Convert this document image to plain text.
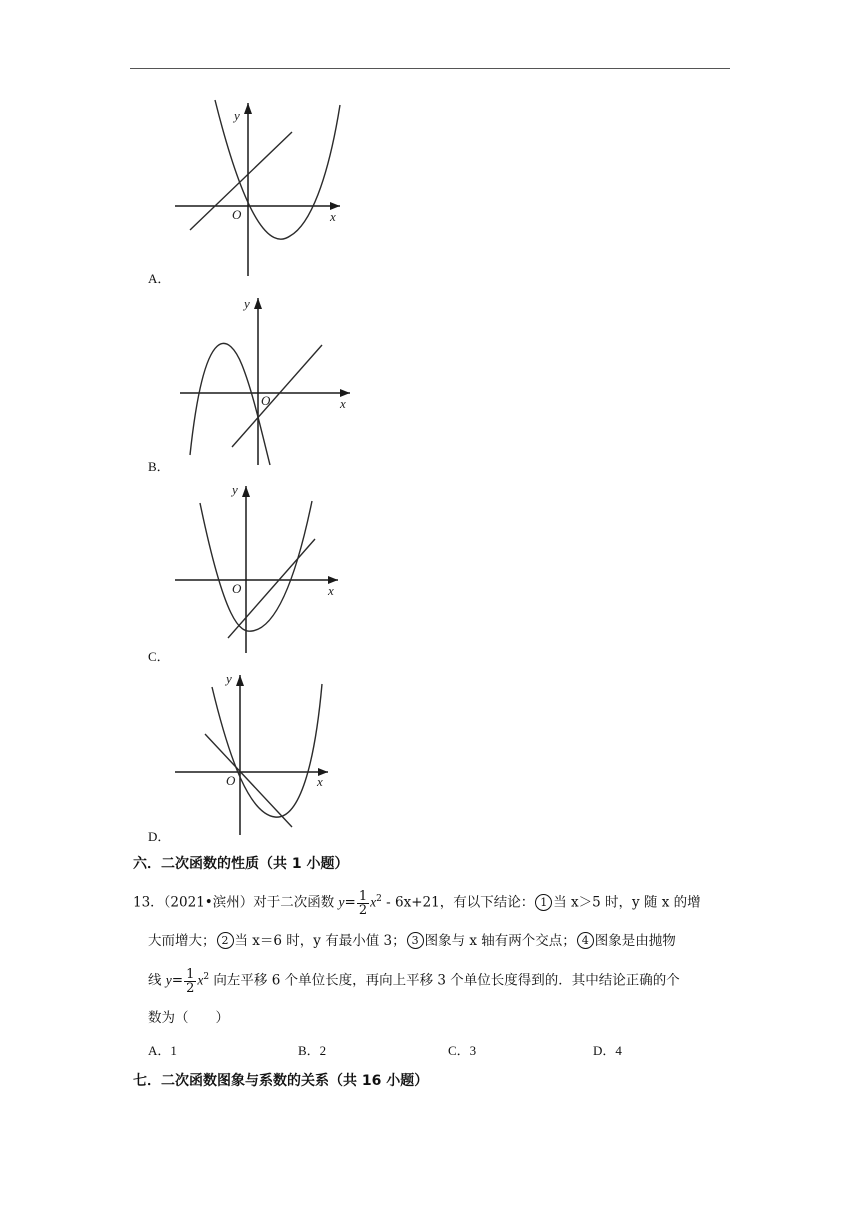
y
x
O
A．
y
x
O
B．
y
x
O
C．
y
x
O
D．
六．二次函数的性质（共 1 小题）
13．（2021•滨州）对于二次函数 $y= \frac{1}{2} x^2 - 6x+21$，有以下结论： 1 当 x＞5 时，y 随 x 的增
大而增大； 2 当 x＝6 时，y 有最小值 3； 3 图象与 x 轴有两个交点； 4 图象是由抛物
线 $y= \frac{1}{2} x^2$ 向左平移 6 个单位长度，再向上平移 3 个单位长度得到的．其中结论正确的个
数为（　　）
A．1	B．2	C．3	D．4
七．二次函数图象与系数的关系（共 16 小题）
